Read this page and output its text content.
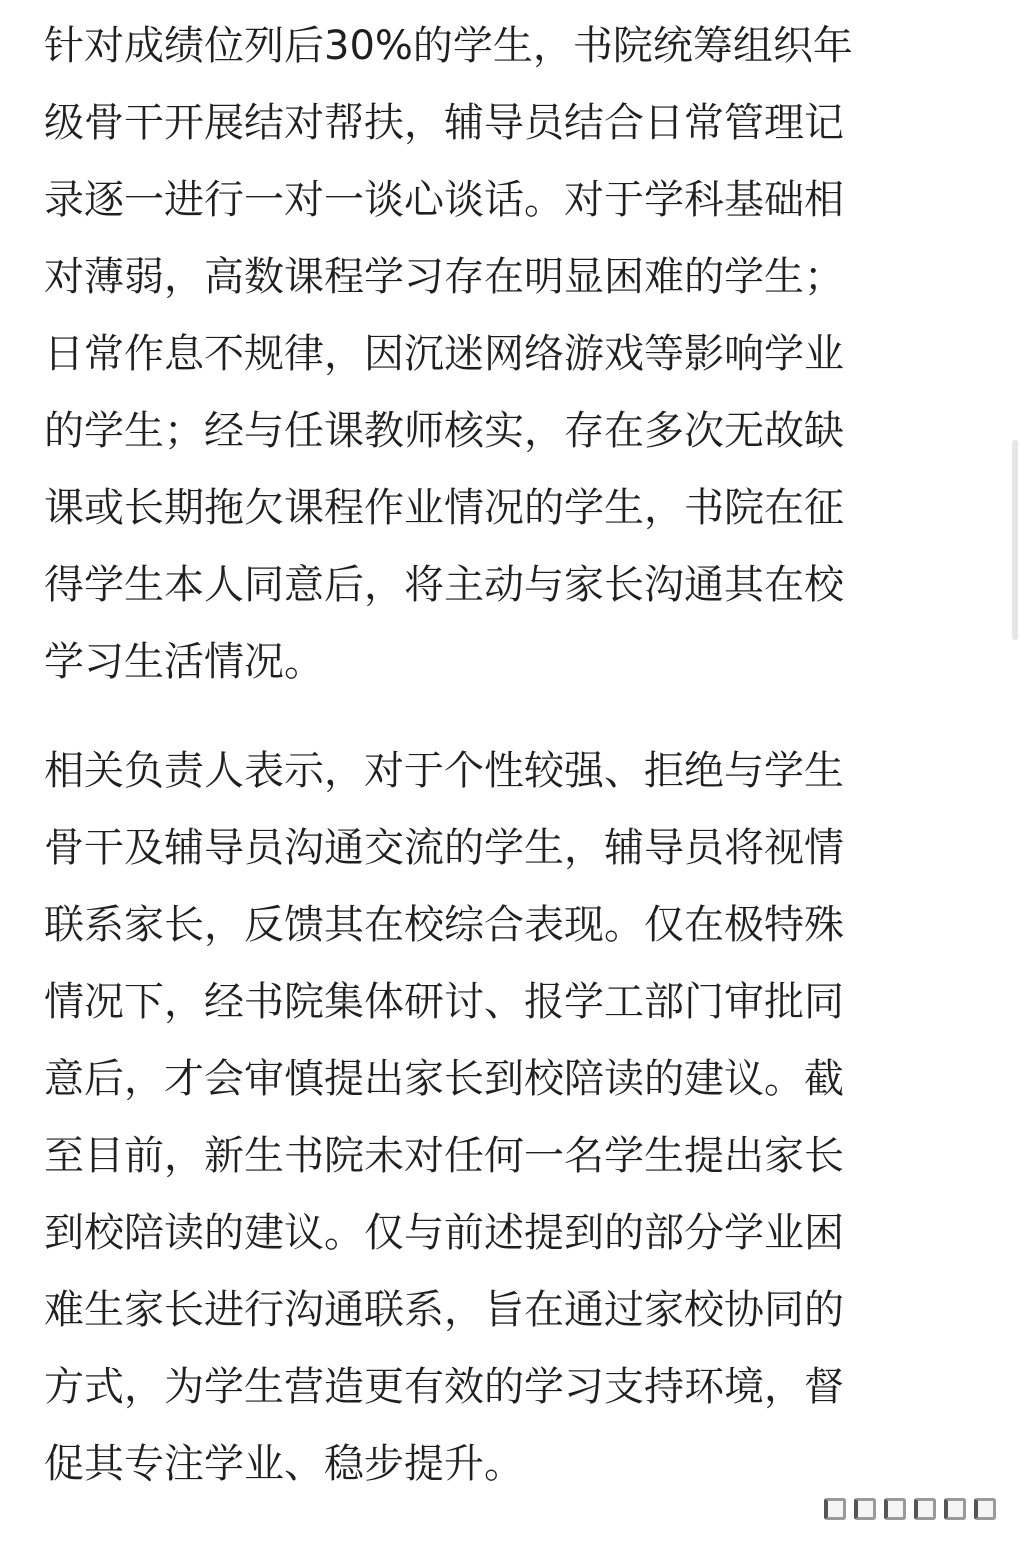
针对成绩位列后30%的学生，书院统筹组织年
级骨干开展结对帮扶，辅导员结合日常管理记
录逐一进行一对一谈心谈话。对于学科基础相
对薄弱，高数课程学习存在明显困难的学生；
日常作息不规律，因沉迷网络游戏等影响学业
的学生；经与任课教师核实，存在多次无故缺
课或长期拖欠课程作业情况的学生，书院在征
得学生本人同意后，将主动与家长沟通其在校
学习生活情况。

相关负责人表示，对于个性较强、拒绝与学生
骨干及辅导员沟通交流的学生，辅导员将视情
联系家长，反馈其在校综合表现。仅在极特殊
情况下，经书院集体研讨、报学工部门审批同
意后，才会审慎提出家长到校陪读的建议。截
至目前，新生书院未对任何一名学生提出家长
到校陪读的建议。仅与前述提到的部分学业困
难生家长进行沟通联系，旨在通过家校协同的
方式，为学生营造更有效的学习支持环境，督
促其专注学业、稳步提升。
